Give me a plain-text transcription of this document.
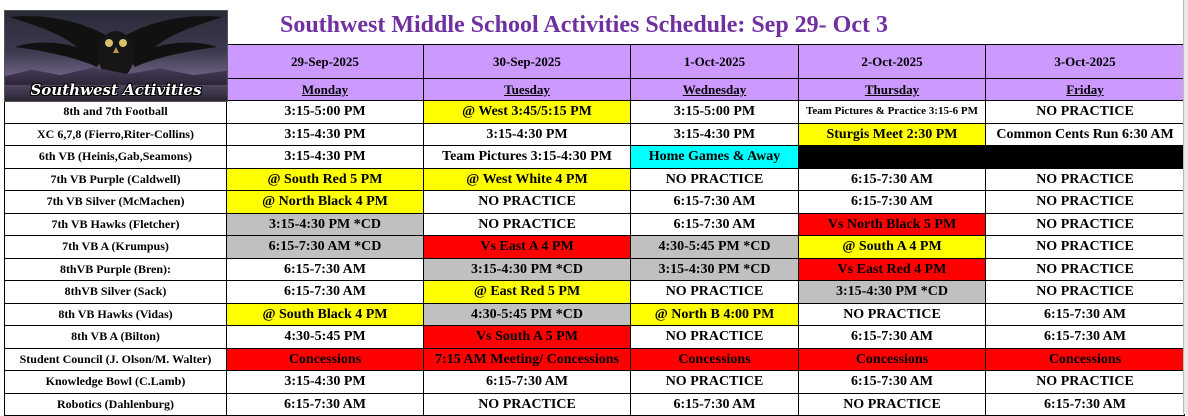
Southwest Middle School Activities Schedule: Sep 29- Oct 3
	29-Sep-2025	30-Sep-2025	1-Oct-2025	2-Oct-2025	3-Oct-2025
	Monday	Tuesday	Wednesday	Thursday	Friday
8th and 7th Football	3:15-5:00 PM	@ West 3:45/5:15 PM	3:15-5:00 PM	Team Pictures & Practice 3:15-6 PM	NO PRACTICE
XC 6,7,8 (Fierro,Riter-Collins)	3:15-4:30 PM	3:15-4:30 PM	3:15-4:30 PM	Sturgis Meet 2:30 PM	Common Cents Run 6:30 AM
6th VB (Heinis,Gab,Seamons)	3:15-4:30 PM	Team Pictures 3:15-4:30 PM	Home Games & Away		
7th VB Purple (Caldwell)	@ South Red 5 PM	@ West White 4 PM	NO PRACTICE	6:15-7:30 AM	NO PRACTICE
7th VB Silver (McMachen)	@ North Black 4 PM	NO PRACTICE	6:15-7:30 AM	6:15-7:30 AM	NO PRACTICE
7th VB Hawks (Fletcher)	3:15-4:30 PM *CD	NO PRACTICE	6:15-7:30 AM	Vs North Black 5 PM	NO PRACTICE
7th VB A (Krumpus)	6:15-7:30 AM *CD	Vs East A 4 PM	4:30-5:45 PM *CD	@ South A 4 PM	NO PRACTICE
8thVB Purple (Bren):	6:15-7:30 AM	3:15-4:30 PM *CD	3:15-4:30 PM *CD	Vs East Red 4 PM	NO PRACTICE
8thVB Silver (Sack)	6:15-7:30 AM	@ East Red 5 PM	NO PRACTICE	3:15-4:30 PM *CD	NO PRACTICE
8th VB Hawks (Vidas)	@ South Black 4 PM	4:30-5:45 PM *CD	@ North B 4:00 PM	NO PRACTICE	6:15-7:30 AM
8th VB A (Bilton)	4:30-5:45 PM	Vs South A 5 PM	NO PRACTICE	6:15-7:30 AM	6:15-7:30 AM
Student Council (J. Olson/M. Walter)	Concessions	7:15 AM Meeting/ Concessions	Concessions	Concessions	Concessions
Knowledge Bowl (C.Lamb)	3:15-4:30 PM	6:15-7:30 AM	NO PRACTICE	6:15-7:30 AM	NO PRACTICE
Robotics (Dahlenburg)	6:15-7:30 AM	NO PRACTICE	6:15-7:30 AM	NO PRACTICE	6:15-7:30 AM
Southwest Activities
